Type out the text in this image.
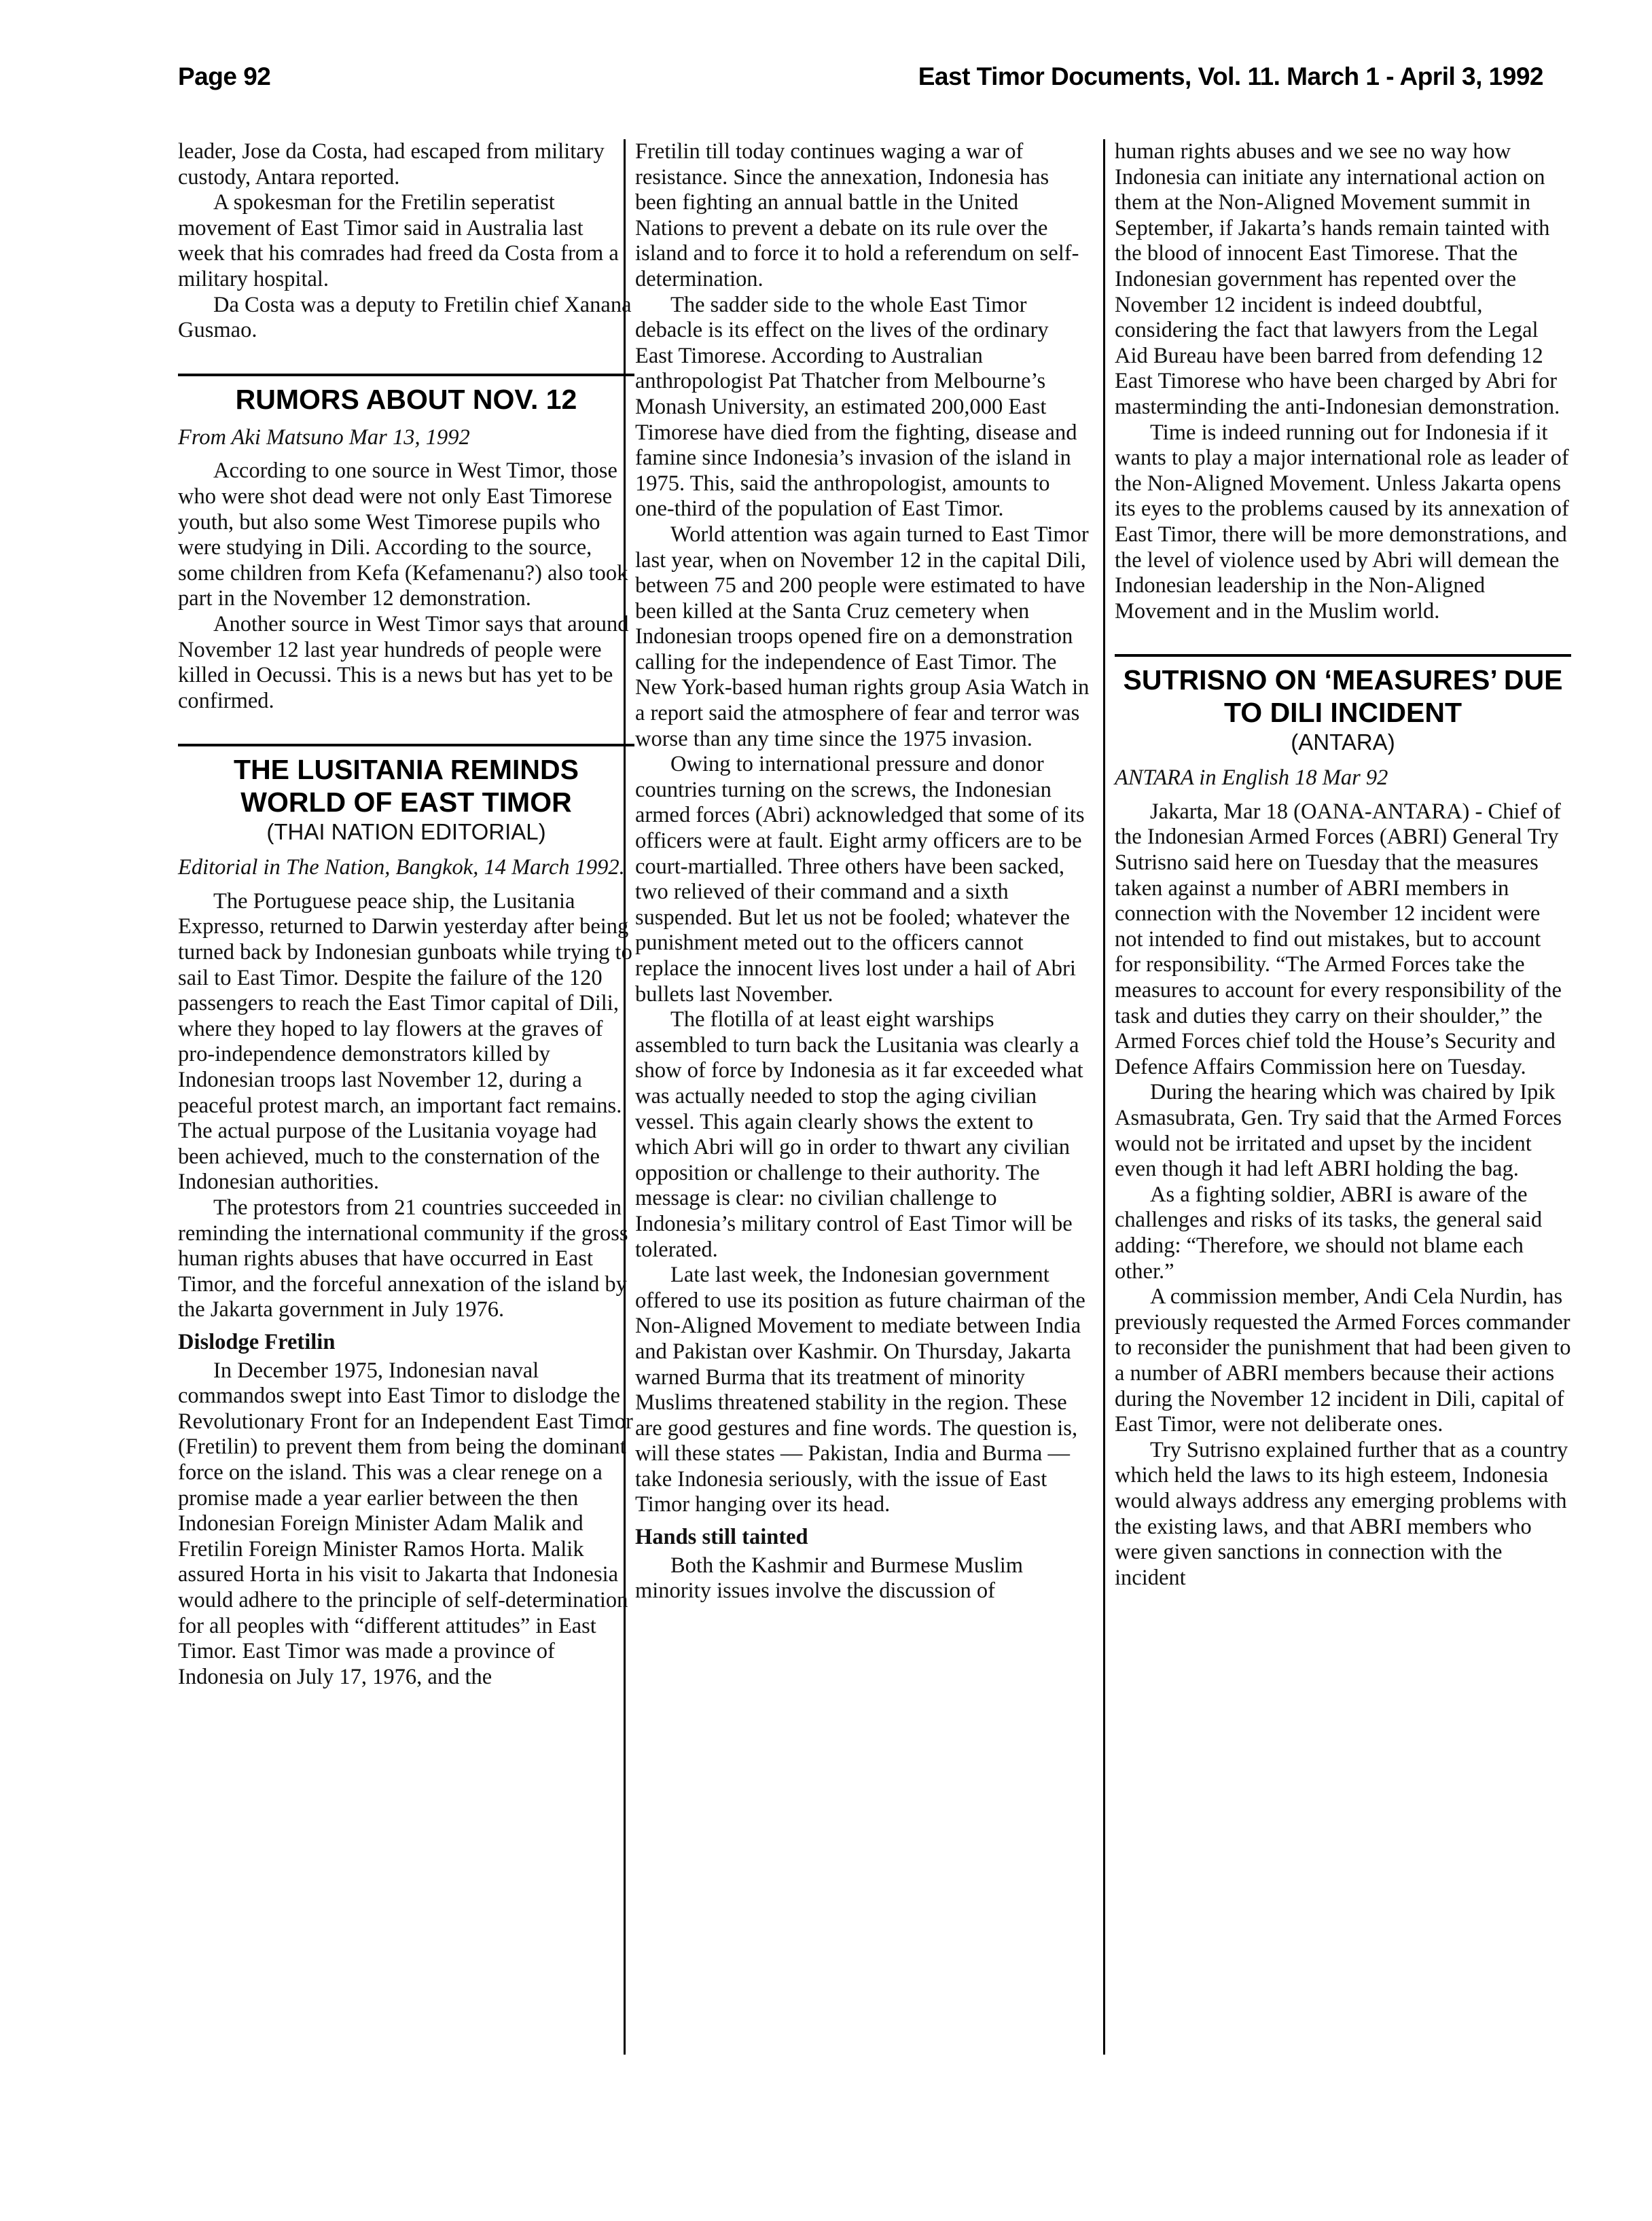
Page 92	East Timor Documents, Vol. 11. March 1 - April 3, 1992

leader, Jose da Costa, had escaped from military custody, Antara reported.

A spokesman for the Fretilin seperatist movement of East Timor said in Australia last week that his comrades had freed da Costa from a military hospital.

Da Costa was a deputy to Fretilin chief Xanana Gusmao.

RUMORS ABOUT NOV. 12

From Aki Matsuno Mar 13, 1992

According to one source in West Timor, those who were shot dead were not only East Timorese youth, but also some West Timorese pupils who were studying in Dili. According to the source, some children from Kefa (Kefamenanu?) also took part in the November 12 demonstration.

Another source in West Timor says that around November 12 last year hundreds of people were killed in Oecussi. This is a news but has yet to be confirmed.

THE LUSITANIA REMINDS WORLD OF EAST TIMOR
(THAI NATION EDITORIAL)

Editorial in The Nation, Bangkok, 14 March 1992.

The Portuguese peace ship, the Lusitania Expresso, returned to Darwin yesterday after being turned back by Indonesian gunboats while trying to sail to East Timor. Despite the failure of the 120 passengers to reach the East Timor capital of Dili, where they hoped to lay flowers at the graves of pro-independence demonstrators killed by Indonesian troops last November 12, during a peaceful protest march, an important fact remains. The actual purpose of the Lusitania voyage had been achieved, much to the consternation of the Indonesian authorities.

The protestors from 21 countries succeeded in reminding the international community if the gross human rights abuses that have occurred in East Timor, and the forceful annexation of the island by the Jakarta government in July 1976.

Dislodge Fretilin

In December 1975, Indonesian naval commandos swept into East Timor to dislodge the Revolutionary Front for an Independent East Timor (Fretilin) to prevent them from being the dominant force on the island. This was a clear renege on a promise made a year earlier between the then Indonesian Foreign Minister Adam Malik and Fretilin Foreign Minister Ramos Horta. Malik assured Horta in his visit to Jakarta that Indonesia would adhere to the principle of self-determination for all peoples with “different attitudes” in East Timor. East Timor was made a province of Indonesia on July 17, 1976, and the

Fretilin till today continues waging a war of resistance. Since the annexation, Indonesia has been fighting an annual battle in the United Nations to prevent a debate on its rule over the island and to force it to hold a referendum on self-determination.

The sadder side to the whole East Timor debacle is its effect on the lives of the ordinary East Timorese. According to Australian anthropologist Pat Thatcher from Melbourne’s Monash University, an estimated 200,000 East Timorese have died from the fighting, disease and famine since Indonesia’s invasion of the island in 1975. This, said the anthropologist, amounts to one-third of the population of East Timor.

World attention was again turned to East Timor last year, when on November 12 in the capital Dili, between 75 and 200 people were estimated to have been killed at the Santa Cruz cemetery when Indonesian troops opened fire on a demonstration calling for the independence of East Timor. The New York-based human rights group Asia Watch in a report said the atmosphere of fear and terror was worse than any time since the 1975 invasion.

Owing to international pressure and donor countries turning on the screws, the Indonesian armed forces (Abri) acknowledged that some of its officers were at fault. Eight army officers are to be court-martialled. Three others have been sacked, two relieved of their command and a sixth suspended. But let us not be fooled; whatever the punishment meted out to the officers cannot replace the innocent lives lost under a hail of Abri bullets last November.

The flotilla of at least eight warships assembled to turn back the Lusitania was clearly a show of force by Indonesia as it far exceeded what was actually needed to stop the aging civilian vessel. This again clearly shows the extent to which Abri will go in order to thwart any civilian opposition or challenge to their authority. The message is clear: no civilian challenge to Indonesia’s military control of East Timor will be tolerated.

Late last week, the Indonesian government offered to use its position as future chairman of the Non-Aligned Movement to mediate between India and Pakistan over Kashmir. On Thursday, Jakarta warned Burma that its treatment of minority Muslims threatened stability in the region. These are good gestures and fine words. The question is, will these states — Pakistan, India and Burma — take Indonesia seriously, with the issue of East Timor hanging over its head.

Hands still tainted

Both the Kashmir and Burmese Muslim minority issues involve the discussion of

human rights abuses and we see no way how Indonesia can initiate any international action on them at the Non-Aligned Movement summit in September, if Jakarta’s hands remain tainted with the blood of innocent East Timorese. That the Indonesian government has repented over the November 12 incident is indeed doubtful, considering the fact that lawyers from the Legal Aid Bureau have been barred from defending 12 East Timorese who have been charged by Abri for masterminding the anti-Indonesian demonstration.

Time is indeed running out for Indonesia if it wants to play a major international role as leader of the Non-Aligned Movement. Unless Jakarta opens its eyes to the problems caused by its annexation of East Timor, there will be more demonstrations, and the level of violence used by Abri will demean the Indonesian leadership in the Non-Aligned Movement and in the Muslim world.

SUTRISNO ON ‘MEASURES’ DUE TO DILI INCIDENT
(ANTARA)

ANTARA in English 18 Mar 92

Jakarta, Mar 18 (OANA-ANTARA) - Chief of the Indonesian Armed Forces (ABRI) General Try Sutrisno said here on Tuesday that the measures taken against a number of ABRI members in connection with the November 12 incident were not intended to find out mistakes, but to account for responsibility. “The Armed Forces take the measures to account for every responsibility of the task and duties they carry on their shoulder,” the Armed Forces chief told the House’s Security and Defence Affairs Commission here on Tuesday.

During the hearing which was chaired by Ipik Asmasubrata, Gen. Try said that the Armed Forces would not be irritated and upset by the incident even though it had left ABRI holding the bag.

As a fighting soldier, ABRI is aware of the challenges and risks of its tasks, the general said adding: “Therefore, we should not blame each other.”

A commission member, Andi Cela Nurdin, has previously requested the Armed Forces commander to reconsider the punishment that had been given to a number of ABRI members because their actions during the November 12 incident in Dili, capital of East Timor, were not deliberate ones.

Try Sutrisno explained further that as a country which held the laws to its high esteem, Indonesia would always address any emerging problems with the existing laws, and that ABRI members who were given sanctions in connection with the incident
